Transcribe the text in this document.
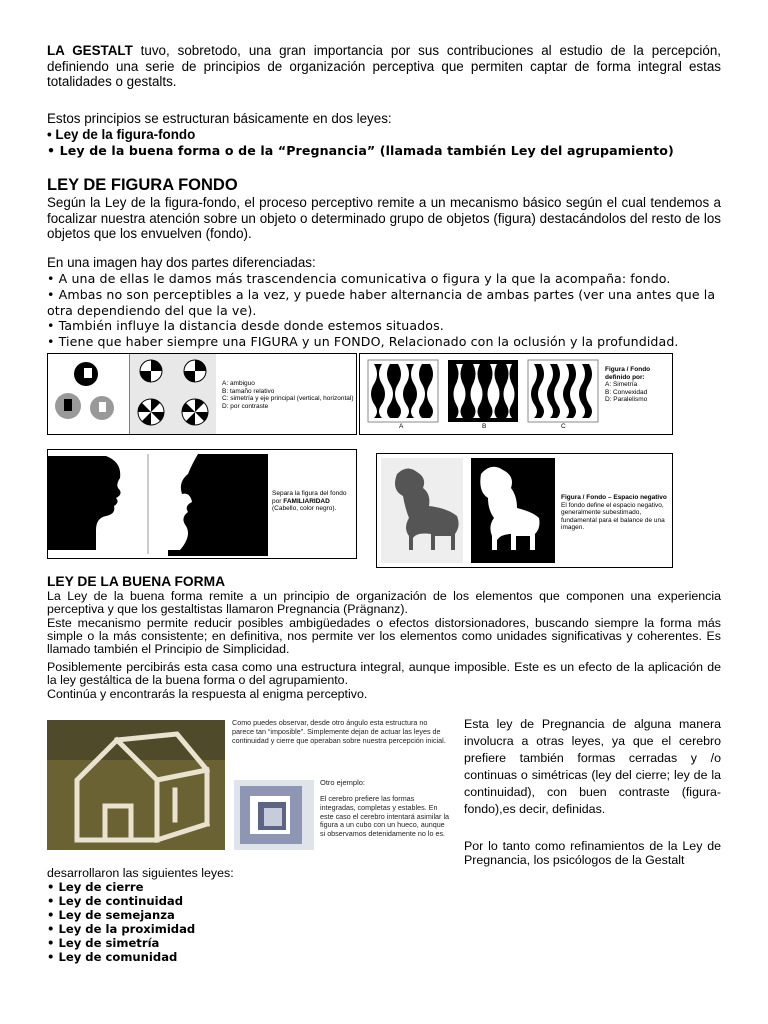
LA GESTALT tuvo, sobretodo, una gran importancia por sus contribuciones al estudio de la percepción, definiendo una serie de principios de organización perceptiva que permiten captar de forma integral estas totalidades o gestalts.

Estos principios se estructuran básicamente en dos leyes:

• Ley de la figura-fondo

• Ley de la buena forma o de la “Pregnancia” (llamada también Ley del agrupamiento)

LEY DE FIGURA FONDO

Según la Ley de la figura-fondo, el proceso perceptivo remite a un mecanismo básico según el cual tendemos a focalizar nuestra atención sobre un objeto o determinado grupo de objetos (figura) destacándolos del resto de los objetos que los envuelven (fondo).

En una imagen hay dos partes diferenciadas:

• A una de ellas le damos más trascendencia comunicativa o figura y la que la acompaña: fondo.

• Ambas no son perceptibles a la vez, y puede haber alternancia de ambas partes (ver una antes que la otra dependiendo del que la ve).

• También influye la distancia desde donde estemos situados.

• Tiene que haber siempre una FIGURA y un FONDO, Relacionado con la oclusión y la profundidad.

A: ambiguo
B: tamaño relativo
C: simetría y eje principal (vertical, horizontal)
D: por contraste
A	B	C
Figura / Fondo definido por:
A: Simetría
B: Convexidad
D: Paralelismo
Separa la figura del fondo por FAMILIARIDAD (Cabello, color negro).
Figura / Fondo – Espacio negativo
El fondo define el espacio negativo, generalmente subestimado, fundamental para el balance de una imagen.
LEY DE LA BUENA FORMA

La Ley de la buena forma remite a un principio de organización de los elementos que componen una experiencia perceptiva y que los gestaltistas llamaron Pregnancia (Prägnanz).

Este mecanismo permite reducir posibles ambigüedades o efectos distorsionadores, buscando siempre la forma más simple o la más consistente; en definitiva, nos permite ver los elementos como unidades significativas y coherentes. Es llamado también el Principio de Simplicidad.

Posiblemente percibirás esta casa como una estructura integral, aunque imposible. Este es un efecto de la aplicación de la ley gestáltica de la buena forma o del agrupamiento.

Continúa y encontrarás la respuesta al enigma perceptivo.

Como puedes observar, desde otro ángulo esta estructura no parece tan “imposible”. Simplemente dejan de actuar las leyes de continuidad y cierre que operaban sobre nuestra percepción inicial.
Otro ejemplo:
El cerebro prefiere las formas integradas, completas y estables. En este caso el cerebro intentará asimilar la figura a un cubo con un hueco, aunque si observamos detenidamente no lo es.

Esta ley de Pregnancia de alguna manera involucra a otras leyes, ya que el cerebro prefiere también formas cerradas y /o continuas o simétricas (ley del cierre; ley de la continuidad), con buen contraste (figura-fondo),es decir, definidas.

Por lo tanto como refinamientos de la Ley de Pregnancia, los psicólogos de la Gestalt

desarrollaron las siguientes leyes:

• Ley de cierre

• Ley de continuidad

• Ley de semejanza

• Ley de la proximidad

• Ley de simetría

• Ley de comunidad
